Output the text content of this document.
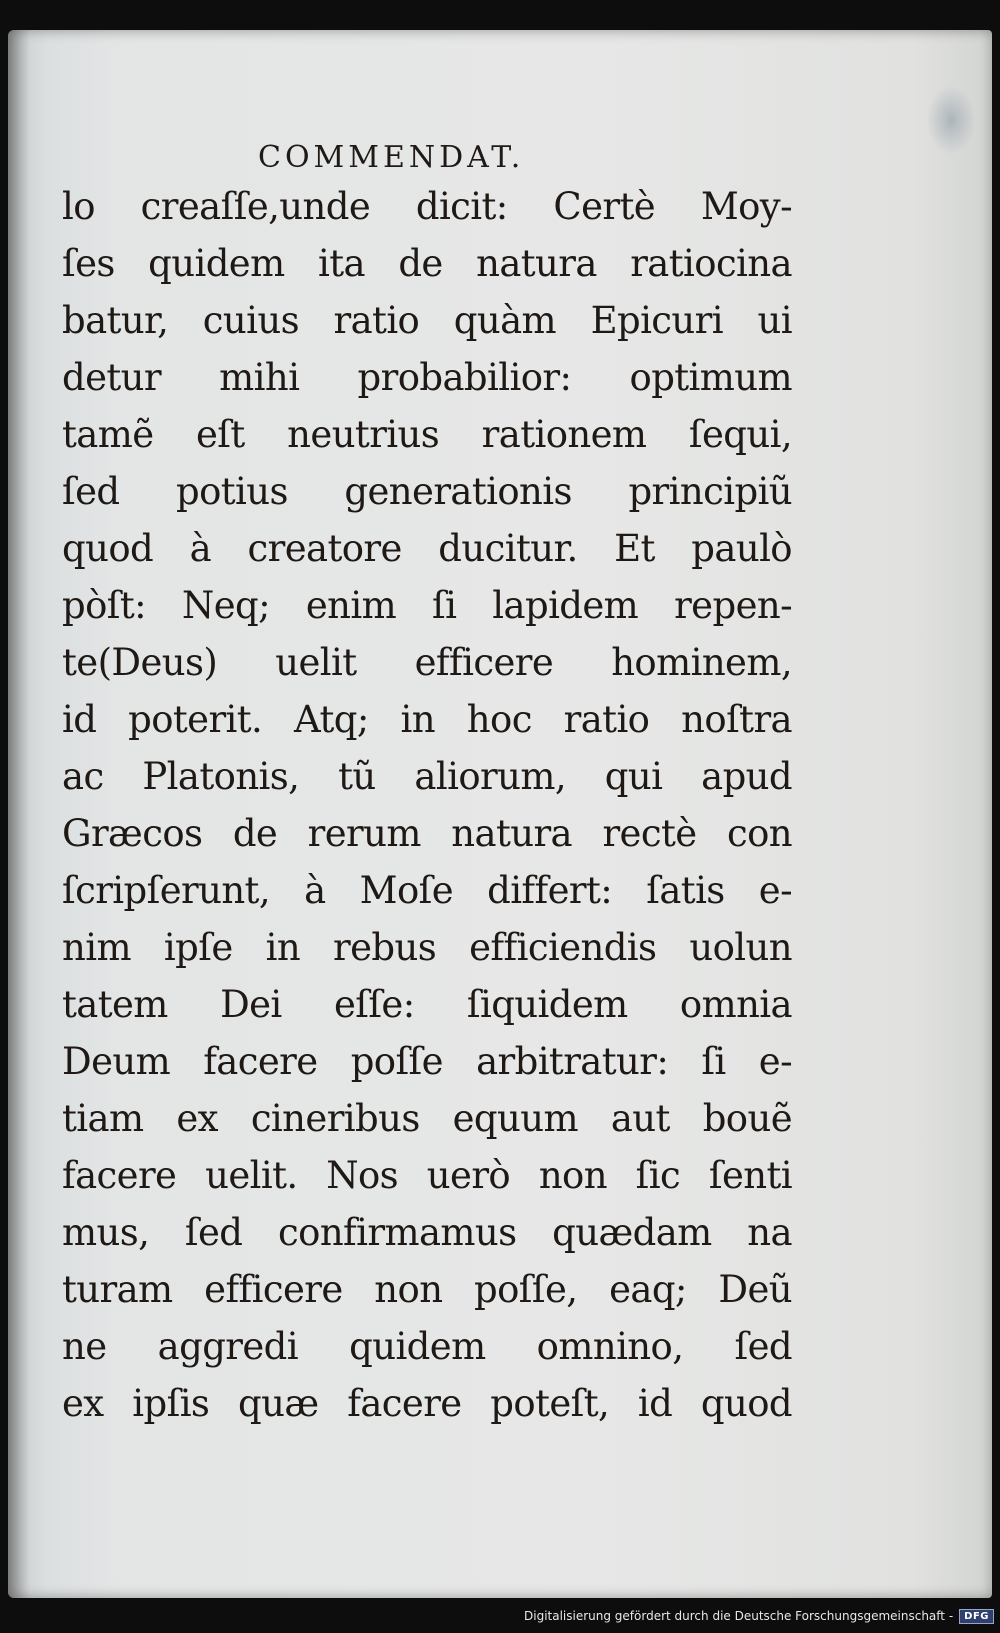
COMMENDAT.
lo creaſſe,unde dicit: Certè Moy-
ſes quidem ita de natura ratiocina
batur, cuius ratio quàm Epicuri ui
detur mihi probabilior: optimum
tamẽ eſt neutrius rationem ſequi,
ſed potius generationis principiũ
quod à creatore ducitur. Et paulò
pòſt: Neq; enim ſi lapidem repen-
te(Deus) uelit efficere hominem,
id poterit. Atq; in hoc ratio noſtra
ac Platonis, tũ aliorum, qui apud
Græcos de rerum natura rectè con
ſcripſerunt, à Moſe differt: ſatis e-
nim ipſe in rebus efficiendis uolun
tatem Dei eſſe: ſiquidem omnia
Deum facere poſſe arbitratur: ſi e-
tiam ex cineribus equum aut bouẽ
facere uelit. Nos uerò non ſic ſenti
mus, ſed confirmamus quædam na
turam efficere non poſſe, eaq; Deũ
ne aggredi quidem omnino, ſed
ex ipſis quæ facere poteſt, id quod
Digitalisierung gefördert durch die Deutsche Forschungsgemeinschaft -	DFG
